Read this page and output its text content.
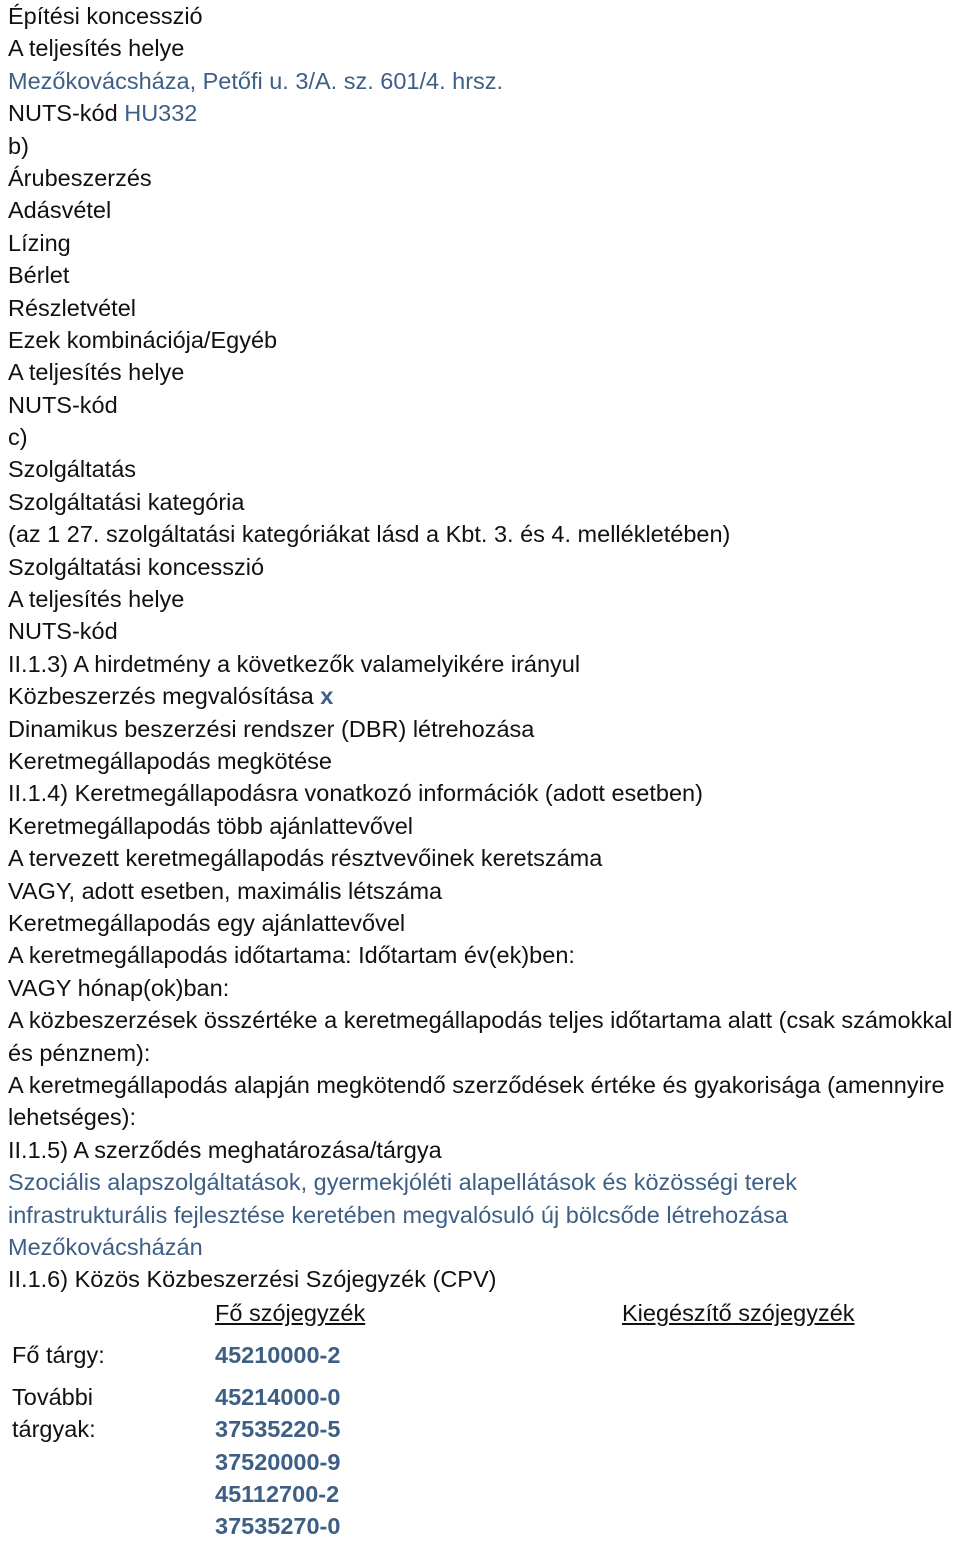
Építési koncesszió
A teljesítés helye
Mezőkovácsháza, Petőfi u. 3/A. sz. 601/4. hrsz.
NUTS-kód HU332
b)
Árubeszerzés
Adásvétel
Lízing
Bérlet
Részletvétel
Ezek kombinációja/Egyéb
A teljesítés helye
NUTS-kód
c)
Szolgáltatás
Szolgáltatási kategória
(az 1 27. szolgáltatási kategóriákat lásd a Kbt. 3. és 4. mellékletében)
Szolgáltatási koncesszió
A teljesítés helye
NUTS-kód
II.1.3) A hirdetmény a következők valamelyikére irányul
Közbeszerzés megvalósítása x
Dinamikus beszerzési rendszer (DBR) létrehozása
Keretmegállapodás megkötése
II.1.4) Keretmegállapodásra vonatkozó információk (adott esetben)
Keretmegállapodás több ajánlattevővel
A tervezett keretmegállapodás résztvevőinek keretszáma
VAGY, adott esetben, maximális létszáma
Keretmegállapodás egy ajánlattevővel
A keretmegállapodás időtartama: Időtartam év(ek)ben:
VAGY hónap(ok)ban:
A közbeszerzések összértéke a keretmegállapodás teljes időtartama alatt (csak számokkal és pénznem):
A keretmegállapodás alapján megkötendő szerződések értéke és gyakorisága (amennyire lehetséges):
II.1.5) A szerződés meghatározása/tárgya
Szociális alapszolgáltatások, gyermekjóléti alapellátások és közösségi terek infrastrukturális fejlesztése keretében megvalósuló új bölcsőde létrehozása Mezőkovácsházán
II.1.6) Közös Közbeszerzési Szójegyzék (CPV)
Fő szójegyzék	Kiegészítő szójegyzék
Fő tárgy:	45210000-2
További
tárgyak:
45214000-0
37535220-5
37520000-9
45112700-2
37535270-0
